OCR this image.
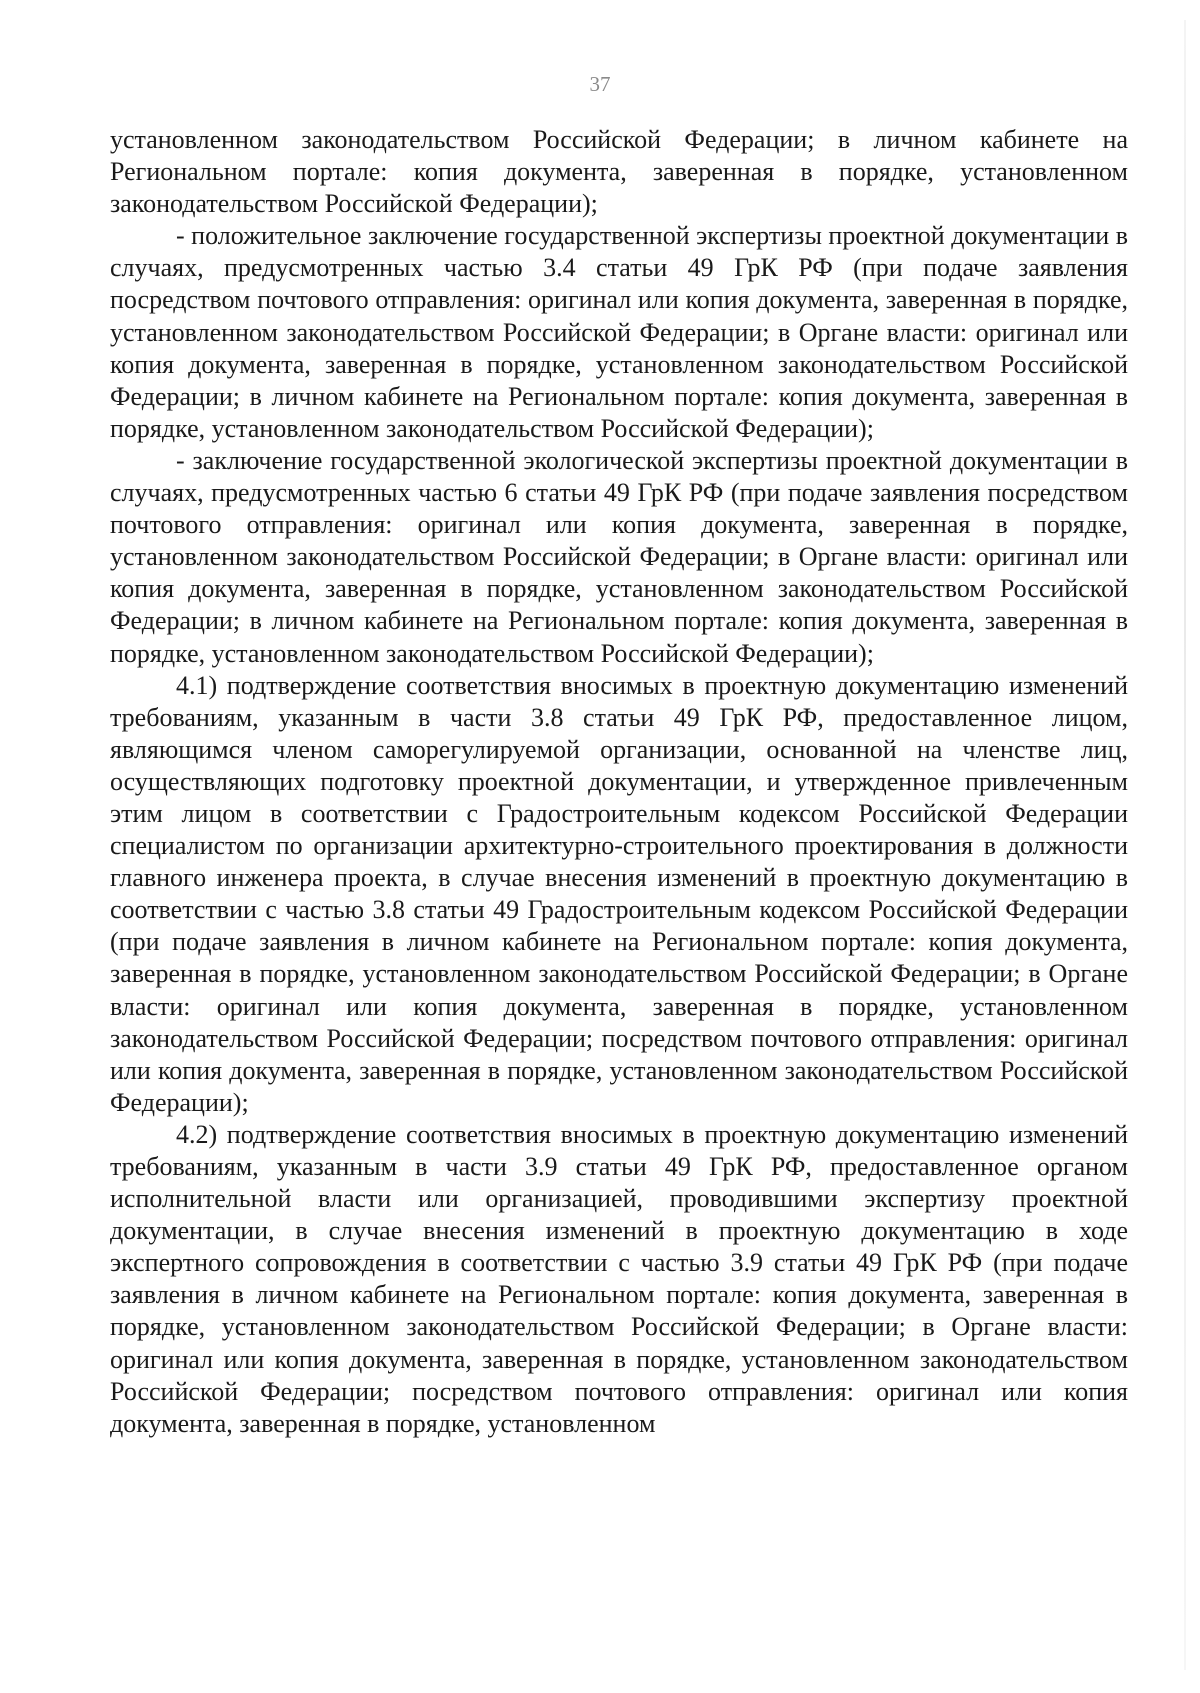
37

установленном законодательством Российской Федерации; в личном кабинете на Региональном портале: копия документа, заверенная в порядке, установленном законодательством Российской Федерации);

- положительное заключение государственной экспертизы проектной документации в случаях, предусмотренных частью 3.4 статьи 49 ГрК РФ (при подаче заявления посредством почтового отправления: оригинал или копия документа, заверенная в порядке, установленном законодательством Российской Федерации; в Органе власти: оригинал или копия документа, заверенная в порядке, установленном законодательством Российской Федерации; в личном кабинете на Региональном портале: копия документа, заверенная в порядке, установленном законодательством Российской Федерации);

- заключение государственной экологической экспертизы проектной документации в случаях, предусмотренных частью 6 статьи 49 ГрК РФ (при подаче заявления посредством почтового отправления: оригинал или копия документа, заверенная в порядке, установленном законодательством Российской Федерации; в Органе власти: оригинал или копия документа, заверенная в порядке, установленном законодательством Российской Федерации; в личном кабинете на Региональном портале: копия документа, заверенная в порядке, установленном законодательством Российской Федерации);

4.1) подтверждение соответствия вносимых в проектную документацию изменений требованиям, указанным в части 3.8 статьи 49 ГрК РФ, предоставленное лицом, являющимся членом саморегулируемой организации, основанной на членстве лиц, осуществляющих подготовку проектной документации, и утвержденное привлеченным этим лицом в соответствии с Градостроительным кодексом Российской Федерации специалистом по организации архитектурно-строительного проектирования в должности главного инженера проекта, в случае внесения изменений в проектную документацию в соответствии с частью 3.8 статьи 49 Градостроительным кодексом Российской Федерации (при подаче заявления в личном кабинете на Региональном портале: копия документа, заверенная в порядке, установленном законодательством Российской Федерации; в Органе власти: оригинал или копия документа, заверенная в порядке, установленном законодательством Российской Федерации; посредством почтового отправления: оригинал или копия документа, заверенная в порядке, установленном законодательством Российской Федерации);

4.2) подтверждение соответствия вносимых в проектную документацию изменений требованиям, указанным в части 3.9 статьи 49 ГрК РФ, предоставленное органом исполнительной власти или организацией, проводившими экспертизу проектной документации, в случае внесения изменений в проектную документацию в ходе экспертного сопровождения в соответствии с частью 3.9 статьи 49 ГрК РФ (при подаче заявления в личном кабинете на Региональном портале: копия документа, заверенная в порядке, установленном законодательством Российской Федерации; в Органе власти: оригинал или копия документа, заверенная в порядке, установленном законодательством Российской Федерации; посредством почтового отправления: оригинал или копия документа, заверенная в порядке, установленном
